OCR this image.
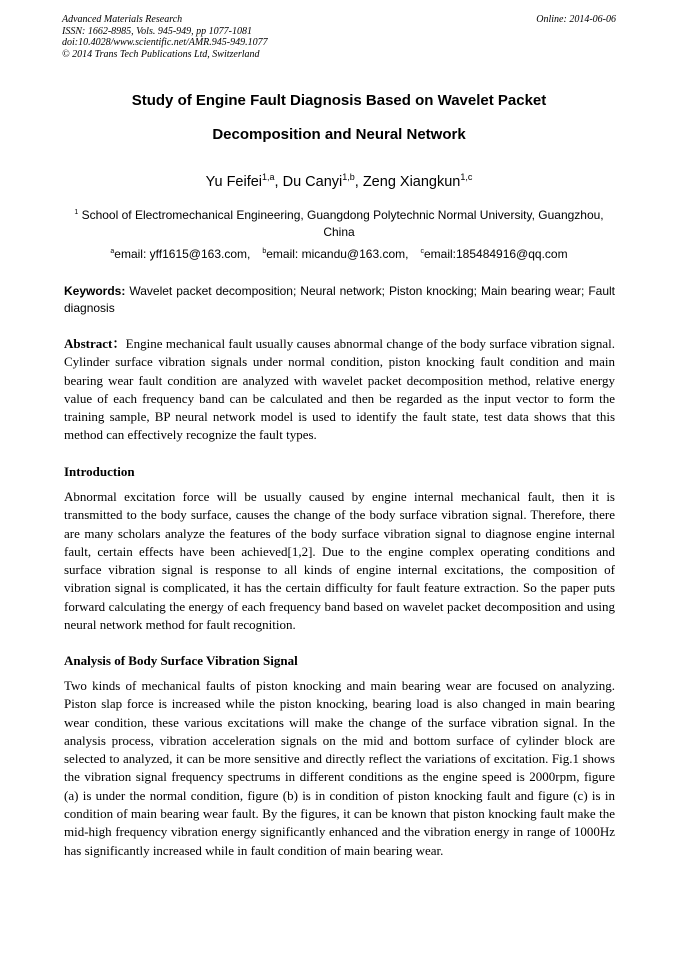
Advanced Materials Research
ISSN: 1662-8985, Vols. 945-949, pp 1077-1081
doi:10.4028/www.scientific.net/AMR.945-949.1077
© 2014 Trans Tech Publications Ltd, Switzerland
Online: 2014-06-06
Study of Engine Fault Diagnosis Based on Wavelet Packet
Decomposition and Neural Network
Yu Feifei$^{1,a}$, Du Canyi$^{1,b}$, Zeng Xiangkun$^{1,c}$
$^1$ School of Electromechanical Engineering, Guangdong Polytechnic Normal University, Guangzhou, China
$^a$email: yff1615@163.com, $^b$email: micandu@163.com, $^c$email:185484916@qq.com
Keywords: Wavelet packet decomposition; Neural network; Piston knocking; Main bearing wear; Fault diagnosis
Abstract：Engine mechanical fault usually causes abnormal change of the body surface vibration signal. Cylinder surface vibration signals under normal condition, piston knocking fault condition and main bearing wear fault condition are analyzed with wavelet packet decomposition method, relative energy value of each frequency band can be calculated and then be regarded as the input vector to form the training sample, BP neural network model is used to identify the fault state, test data shows that this method can effectively recognize the fault types.
Introduction
Abnormal excitation force will be usually caused by engine internal mechanical fault, then it is transmitted to the body surface, causes the change of the body surface vibration signal. Therefore, there are many scholars analyze the features of the body surface vibration signal to diagnose engine internal fault, certain effects have been achieved[1,2]. Due to the engine complex operating conditions and surface vibration signal is response to all kinds of engine internal excitations, the composition of vibration signal is complicated, it has the certain difficulty for fault feature extraction. So the paper puts forward calculating the energy of each frequency band based on wavelet packet decomposition and using neural network method for fault recognition.
Analysis of Body Surface Vibration Signal
Two kinds of mechanical faults of piston knocking and main bearing wear are focused on analyzing. Piston slap force is increased while the piston knocking, bearing load is also changed in main bearing wear condition, these various excitations will make the change of the surface vibration signal. In the analysis process, vibration acceleration signals on the mid and bottom surface of cylinder block are selected to analyzed, it can be more sensitive and directly reflect the variations of excitation. Fig.1 shows the vibration signal frequency spectrums in different conditions as the engine speed is 2000rpm, figure (a) is under the normal condition, figure (b) is in condition of piston knocking fault and figure (c) is in condition of main bearing wear fault. By the figures, it can be known that piston knocking fault make the mid-high frequency vibration energy significantly enhanced and the vibration energy in range of 1000Hz has significantly increased while in fault condition of main bearing wear.
